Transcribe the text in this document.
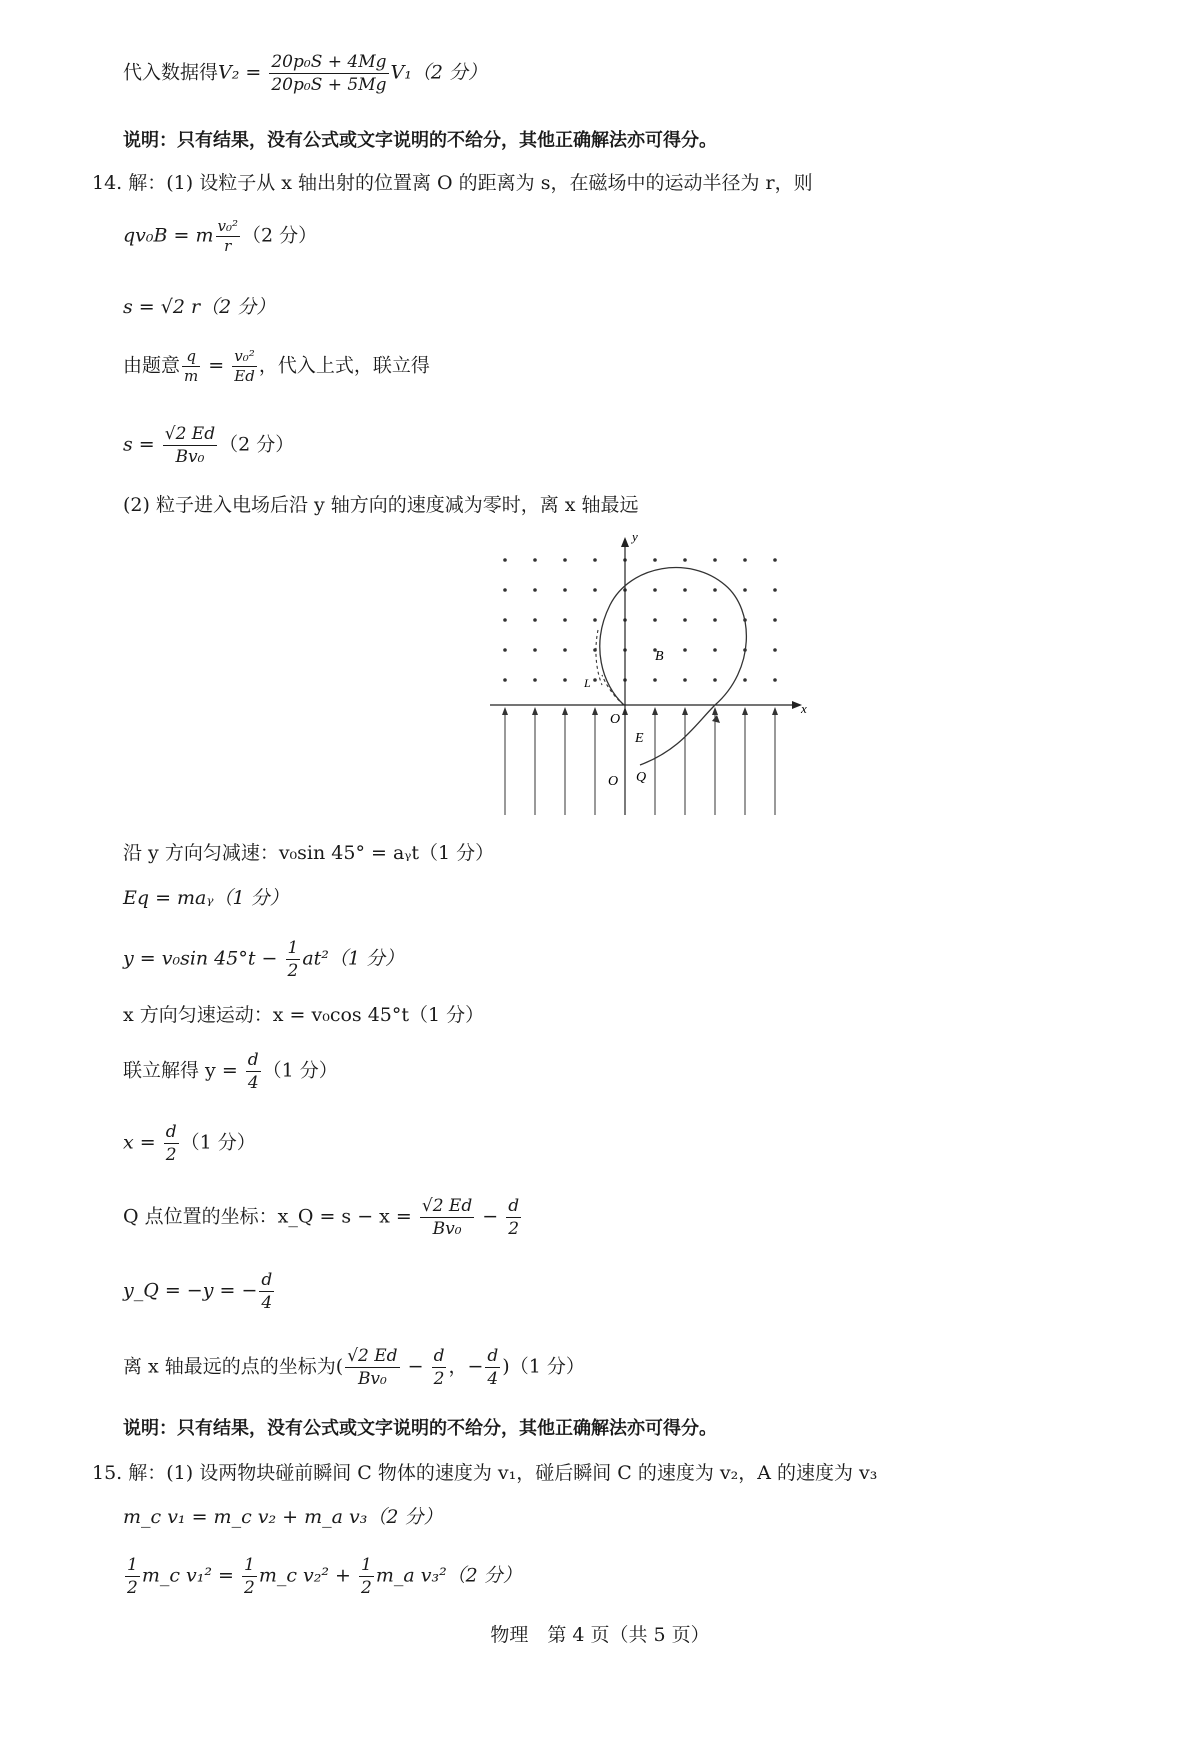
代入数据得$V_2 = \frac{\text{20p₀S + 4Mg}}{\text{20p₀S + 5Mg}} V_1(2$ 分）
说明：只有结果，没有公式或文字说明的不给分，其他正确解法亦可得分。
14. 解：(1) 设粒子从 x 轴出射的位置离 O 的距离为 s，在磁场中的运动半径为 r，则
qv₀B = m $\frac{\text{v₀²}}{r} (2$ 分）
s = √2 r（2 分）
由题意 $\frac{q}{m} = \frac{\text{v₀²}}{Ed}$ ，代入上式，联立得
$s = \frac{√2 Ed}{\text{Bv₀}} (2$ 分）
(2) 粒子进入电场后沿 y 轴方向的速度减为零时，离 x 轴最远
y
x
B
E
O
O Q
L
沿 y 方向匀减速：v₀sin 45° = aᵧt（1 分）
Eq = maᵧ（1 分）
y = v₀sin $45^\circ t - \frac{1}{2} at^2(1$ 分）
x 方向匀速运动：x = v₀cos 45°t（1 分）
联立解得 $y = \frac{d}{4} (1$ 分）
$x = \frac{d}{2} (1$ 分）
Q 点位置的坐标：x_Q = $s - x = \frac{√2 Ed}{\text{Bv₀}} - \frac{d}{2}$
y_Q = −y = − $\frac{d}{4}$
离 x 轴最远的点的坐标为( $\frac{√2 Ed}{\text{Bv₀}} - \frac{d}{2}$ ，− $\frac{d}{4} )(1$ 分）
说明：只有结果，没有公式或文字说明的不给分，其他正确解法亦可得分。
15. 解：(1) 设两物块碰前瞬间 C 物体的速度为 v₁，碰后瞬间 C 的速度为 v₂，A 的速度为 v₃
m_c v₁ = m_c v₂ + m_a v₃（2 分）
$\frac{1}{2}$ m_c $v_1^2 = \frac{1}{2}$ m_c $v_2^2 + \frac{1}{2}$ m_a v₃²（2 分）
物理　第 4 页（共 5 页）
